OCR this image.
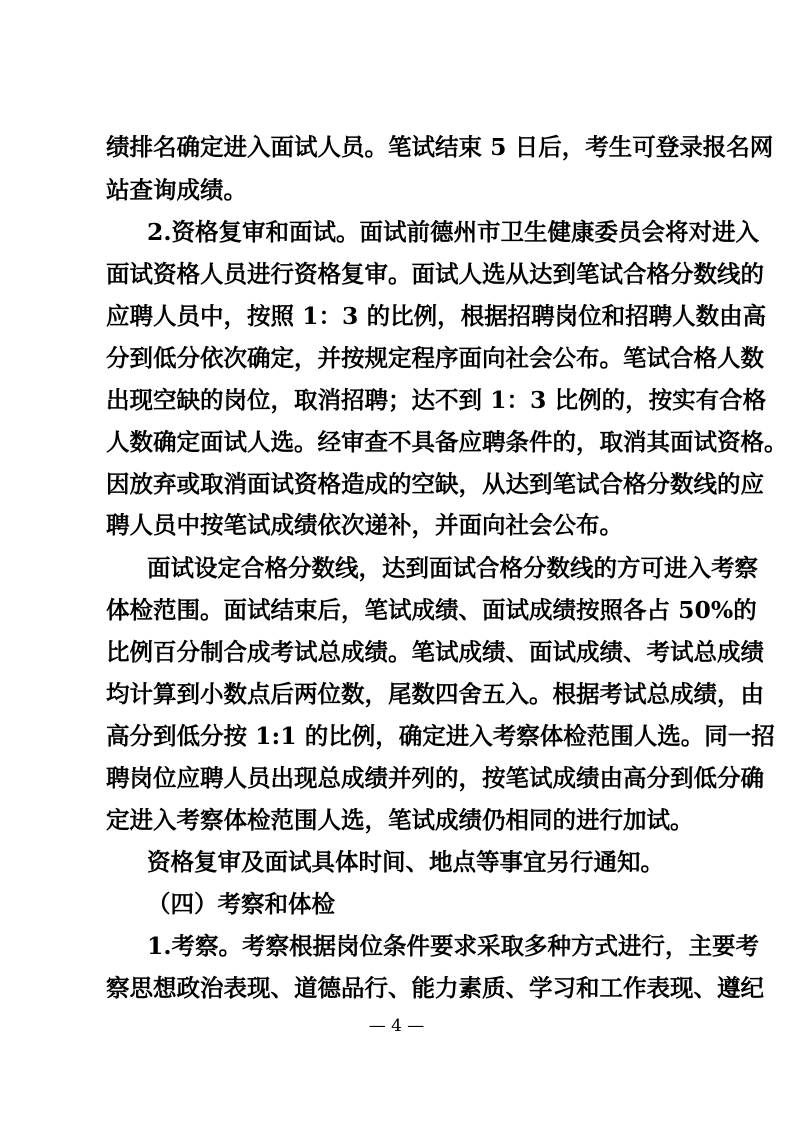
绩排名确定进入面试人员。笔试结束 5 日后，考生可登录报名网
站查询成绩。
2.资格复审和面试。面试前德州市卫生健康委员会将对进入
面试资格人员进行资格复审。面试人选从达到笔试合格分数线的
应聘人员中，按照 1：3 的比例，根据招聘岗位和招聘人数由高
分到低分依次确定，并按规定程序面向社会公布。笔试合格人数
出现空缺的岗位，取消招聘；达不到 1：3 比例的，按实有合格
人数确定面试人选。经审查不具备应聘条件的，取消其面试资格。
因放弃或取消面试资格造成的空缺，从达到笔试合格分数线的应
聘人员中按笔试成绩依次递补，并面向社会公布。
面试设定合格分数线，达到面试合格分数线的方可进入考察
体检范围。面试结束后，笔试成绩、面试成绩按照各占 50%的
比例百分制合成考试总成绩。笔试成绩、面试成绩、考试总成绩
均计算到小数点后两位数，尾数四舍五入。根据考试总成绩，由
高分到低分按 1:1 的比例，确定进入考察体检范围人选。同一招
聘岗位应聘人员出现总成绩并列的，按笔试成绩由高分到低分确
定进入考察体检范围人选，笔试成绩仍相同的进行加试。
资格复审及面试具体时间、地点等事宜另行通知。
（四）考察和体检
1.考察。考察根据岗位条件要求采取多种方式进行，主要考
察思想政治表现、道德品行、能力素质、学习和工作表现、遵纪
— 4 —
